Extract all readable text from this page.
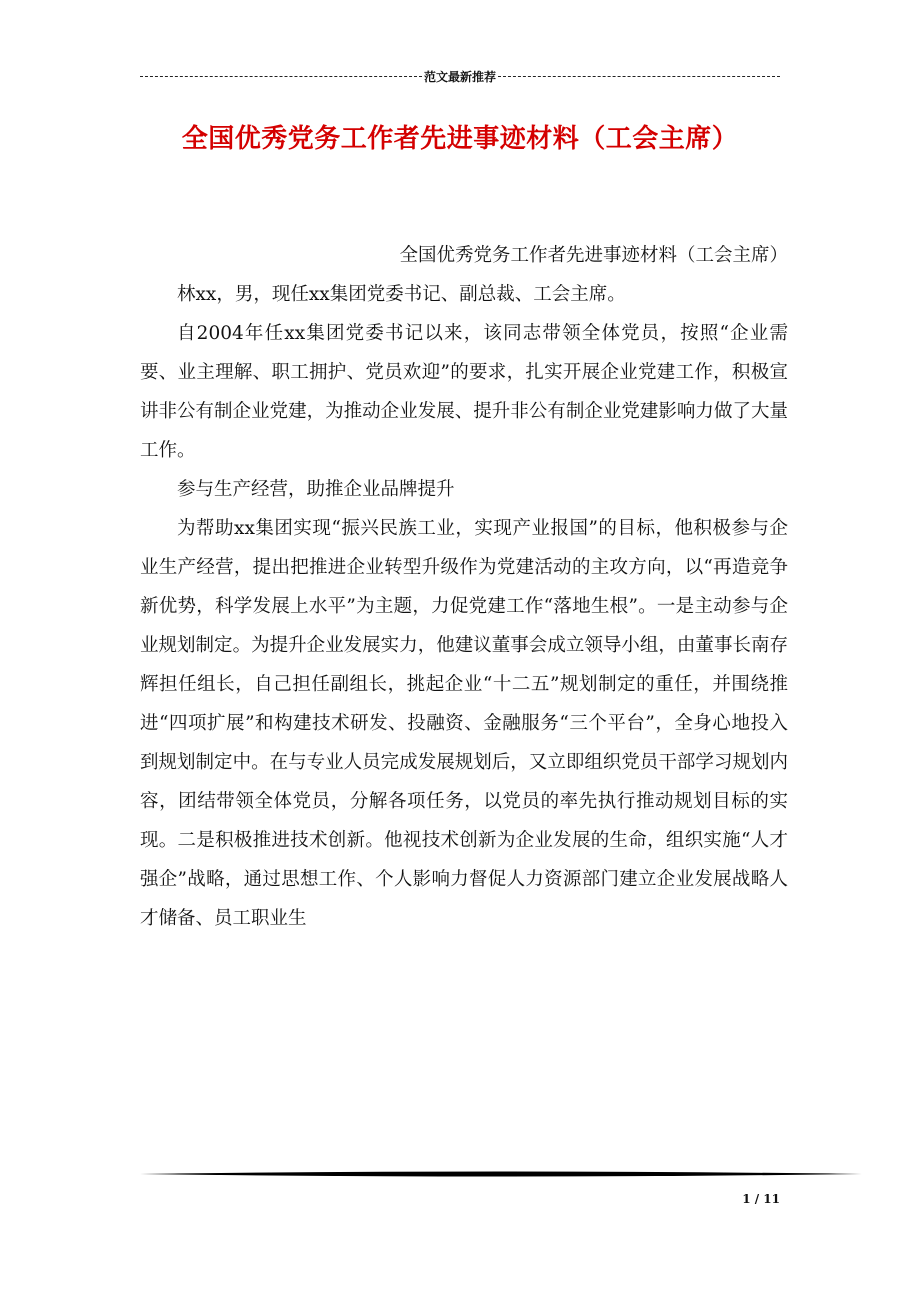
范文最新推荐
全国优秀党务工作者先进事迹材料（工会主席）

全国优秀党务工作者先进事迹材料（工会主席）

林xx，男，现任xx集团党委书记、副总裁、工会主席。

自2004年任xx集团党委书记以来，该同志带领全体党员，按照“企业需要、业主理解、职工拥护、党员欢迎”的要求，扎实开展企业党建工作，积极宣讲非公有制企业党建，为推动企业发展、提升非公有制企业党建影响力做了大量工作。

参与生产经营，助推企业品牌提升

为帮助xx集团实现“振兴民族工业，实现产业报国”的目标，他积极参与企业生产经营，提出把推进企业转型升级作为党建活动的主攻方向，以“再造竞争新优势，科学发展上水平”为主题，力促党建工作“落地生根”。一是主动参与企业规划制定。为提升企业发展实力，他建议董事会成立领导小组，由董事长南存辉担任组长，自己担任副组长，挑起企业“十二五”规划制定的重任，并围绕推进“四项扩展”和构建技术研发、投融资、金融服务“三个平台”，全身心地投入到规划制定中。在与专业人员完成发展规划后，又立即组织党员干部学习规划内容，团结带领全体党员，分解各项任务，以党员的率先执行推动规划目标的实现。二是积极推进技术创新。他视技术创新为企业发展的生命，组织实施“人才强企”战略，通过思想工作、个人影响力督促人力资源部门建立企业发展战略人才储备、员工职业生

1 / 11
